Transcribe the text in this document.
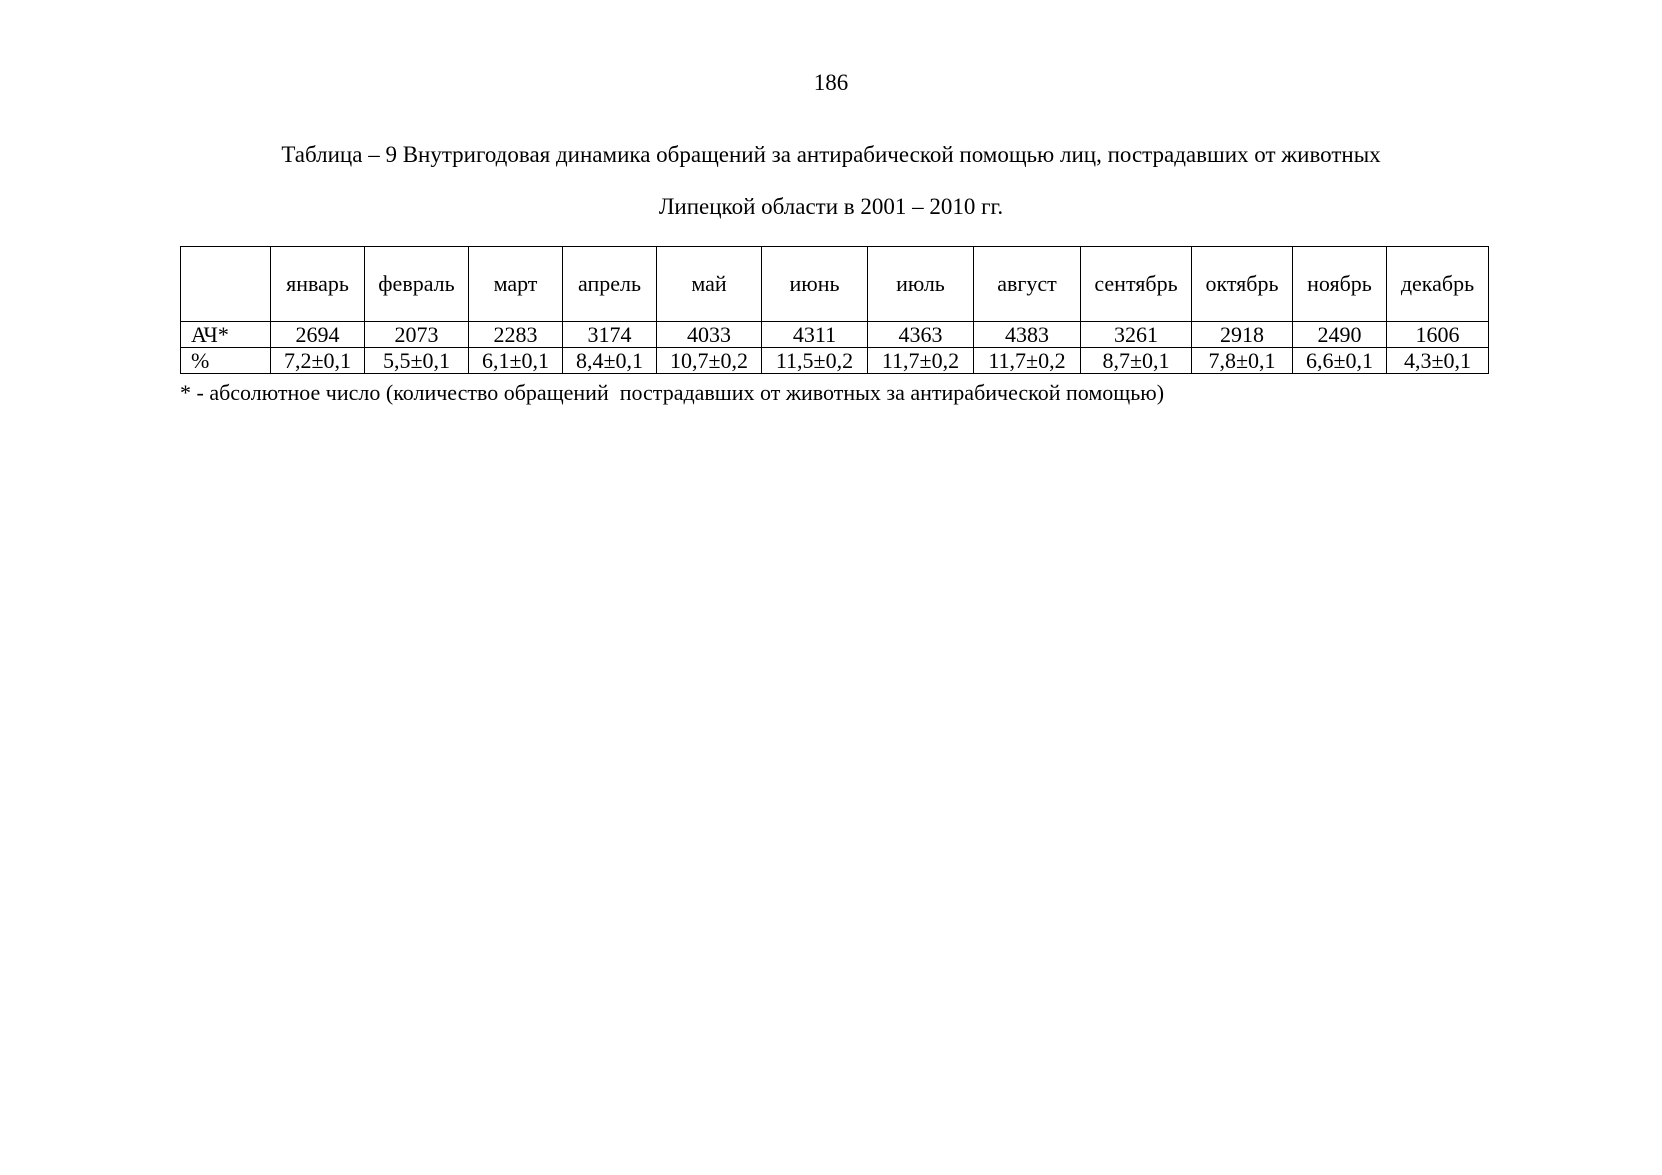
186
Таблица – 9 Внутригодовая динамика обращений за антирабической помощью лиц, пострадавших от животных
Липецкой области в 2001 – 2010 гг.
	январь	февраль	март	апрель	май	июнь	июль	август	сентябрь	октябрь	ноябрь	декабрь
АЧ*	2694	2073	2283	3174	4033	4311	4363	4383	3261	2918	2490	1606
%	7,2±0,1	5,5±0,1	6,1±0,1	8,4±0,1	10,7±0,2	11,5±0,2	11,7±0,2	11,7±0,2	8,7±0,1	7,8±0,1	6,6±0,1	4,3±0,1
* - абсолютное число (количество обращений  пострадавших от животных за антирабической помощью)
